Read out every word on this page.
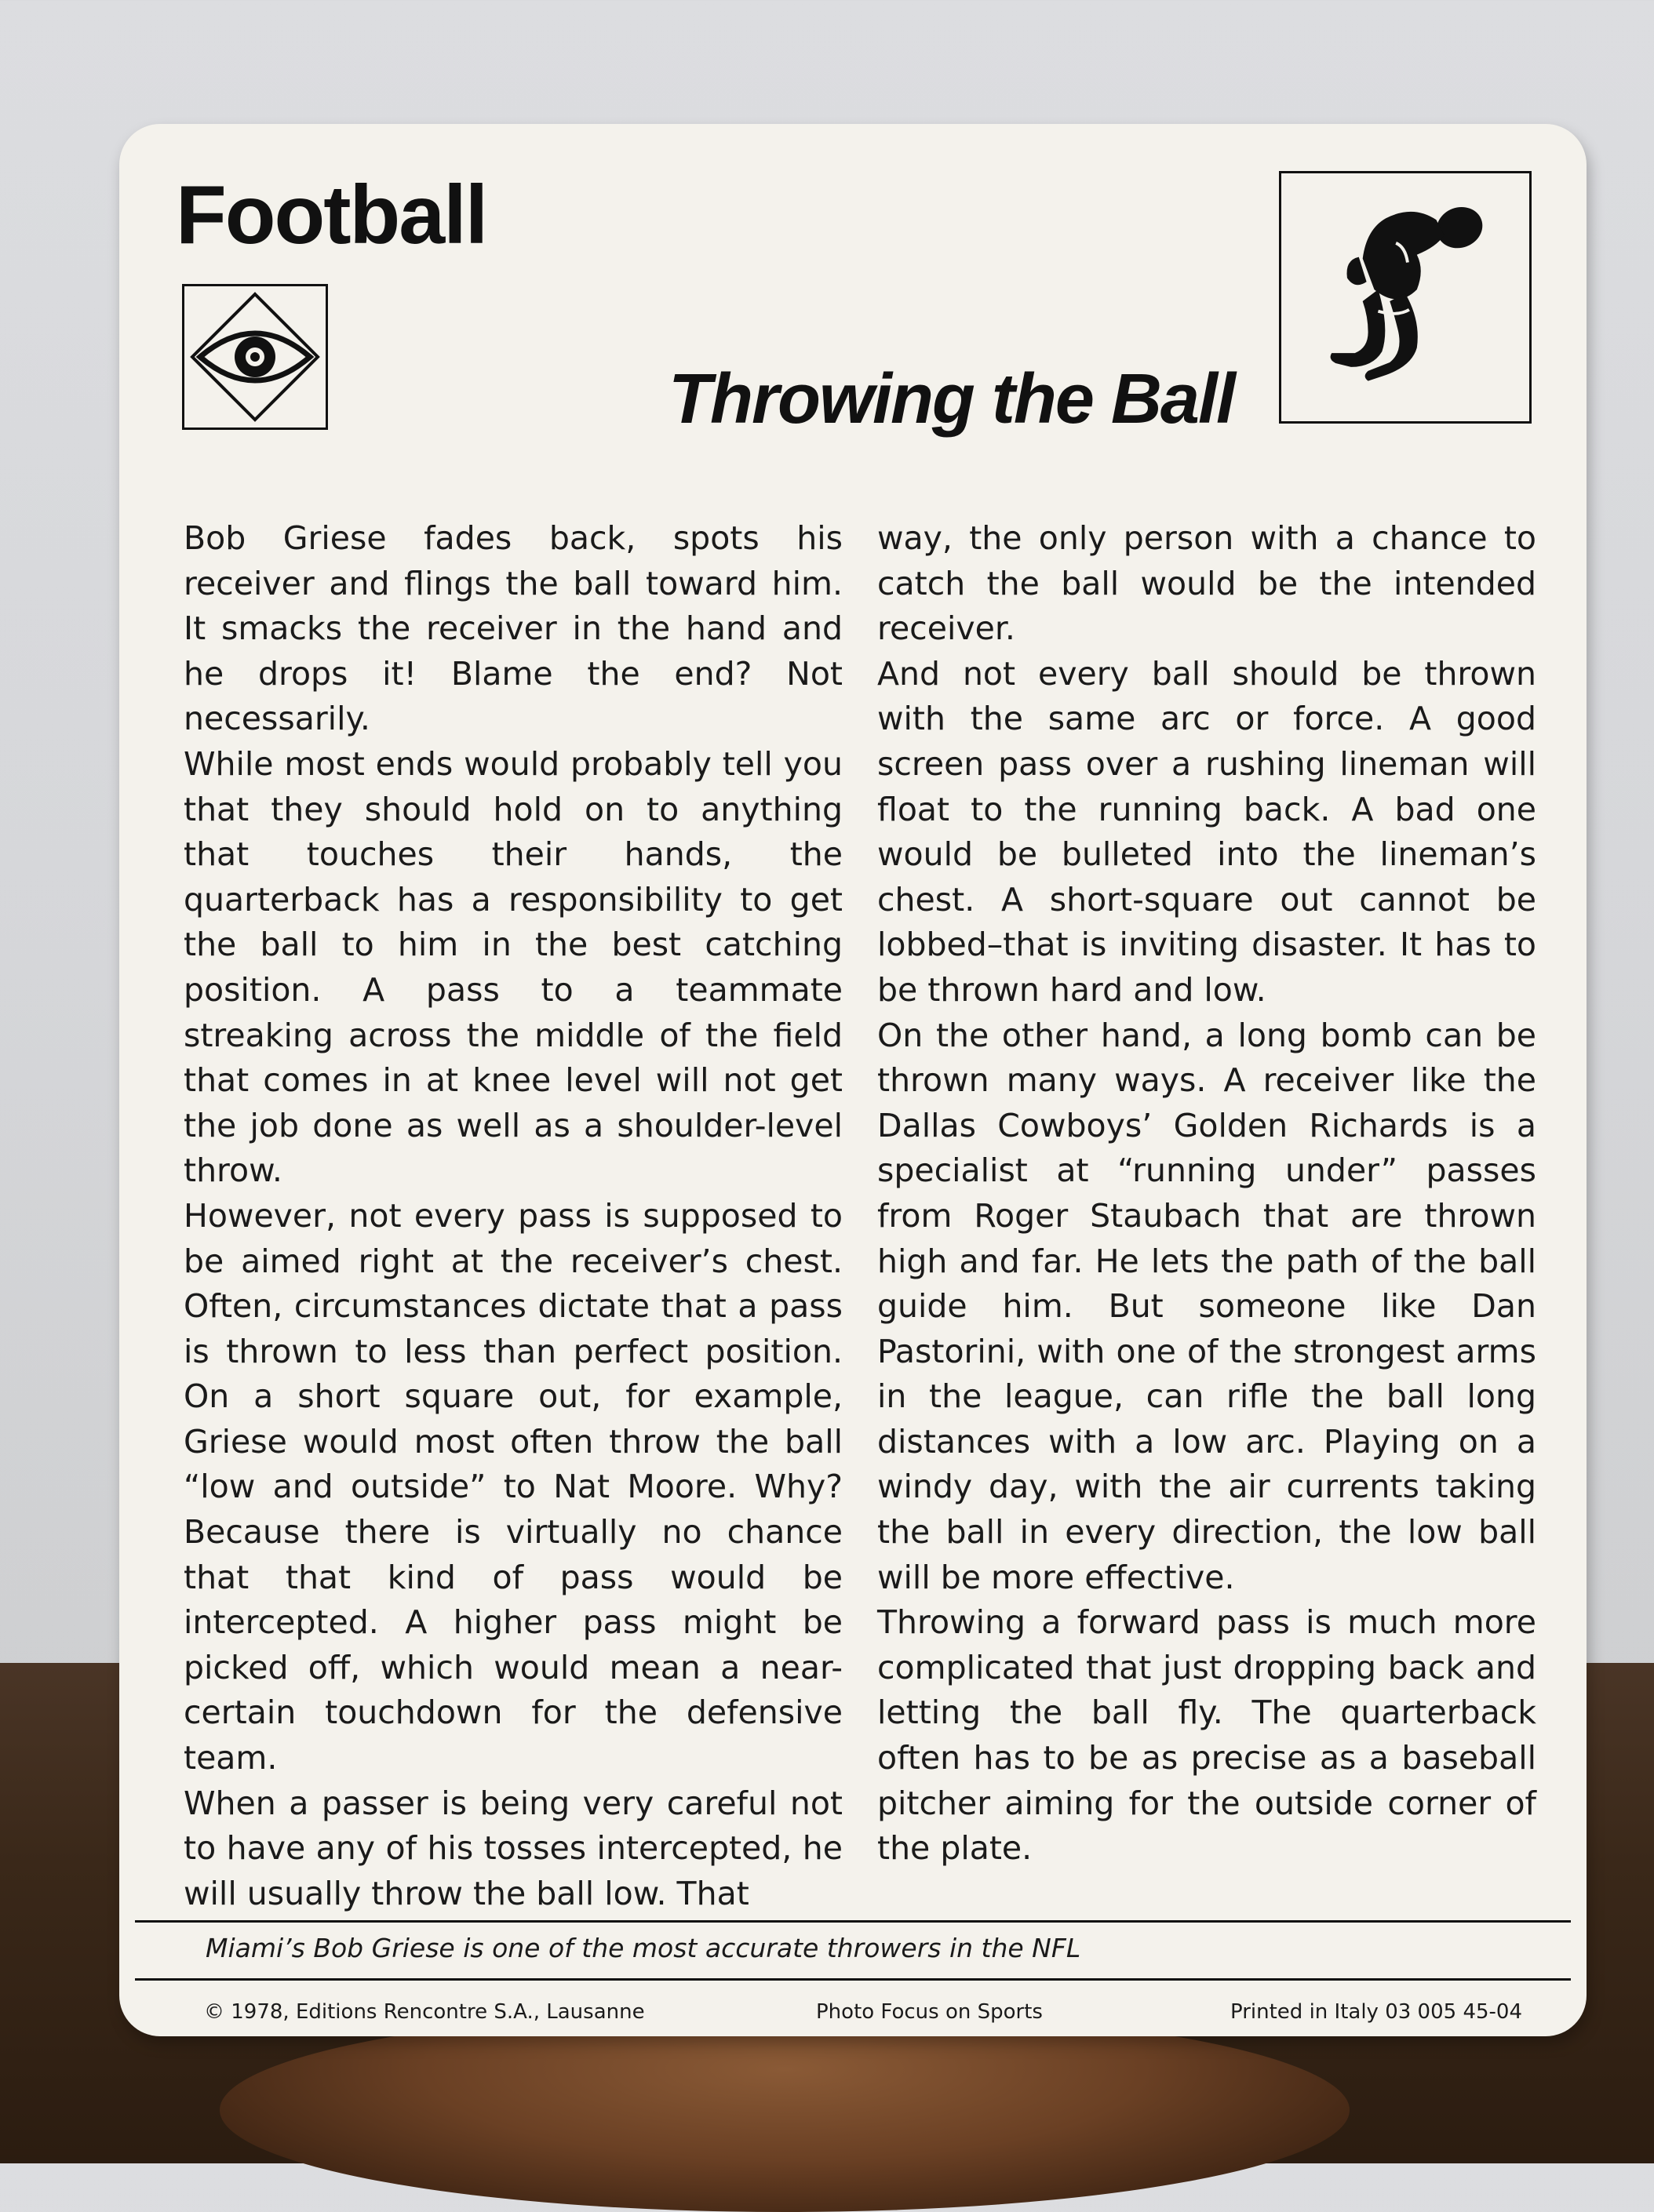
Football
Throwing the Ball

Bob Griese fades back, spots his receiver and flings the ball toward him. It smacks the receiver in the hand and he drops it! Blame the end? Not necessarily.

While most ends would probably tell you that they should hold on to anything that touches their hands, the quarterback has a responsibility to get the ball to him in the best catching position. A pass to a teammate streaking across the middle of the field that comes in at knee level will not get the job done as well as a shoulder-level throw.

However, not every pass is supposed to be aimed right at the receiver’s chest. Often, circumstances dictate that a pass is thrown to less than perfect position. On a short square out, for example, Griese would most often throw the ball “low and outside” to Nat Moore. Why? Because there is virtually no chance that that kind of pass would be intercepted. A higher pass might be picked off, which would mean a near-certain touchdown for the defensive team.

When a passer is being very careful not to have any of his tosses intercepted, he will usually throw the ball low. That

way, the only person with a chance to catch the ball would be the intended receiver.

And not every ball should be thrown with the same arc or force. A good screen pass over a rushing lineman will float to the running back. A bad one would be bulleted into the lineman’s chest. A short-square out cannot be lobbed–that is inviting disaster. It has to be thrown hard and low.

On the other hand, a long bomb can be thrown many ways. A receiver like the Dallas Cowboys’ Golden Richards is a specialist at “running under” passes from Roger Staubach that are thrown high and far. He lets the path of the ball guide him. But someone like Dan Pastorini, with one of the strongest arms in the league, can rifle the ball long distances with a low arc. Playing on a windy day, with the air currents taking the ball in every direction, the low ball will be more effective.

Throwing a forward pass is much more complicated that just dropping back and letting the ball fly. The quarterback often has to be as precise as a baseball pitcher aiming for the outside corner of the plate.

Miami’s Bob Griese is one of the most accurate throwers in the NFL
© 1978, Editions Rencontre S.A., Lausanne	Photo Focus on Sports	Printed in Italy 03 005 45-04
